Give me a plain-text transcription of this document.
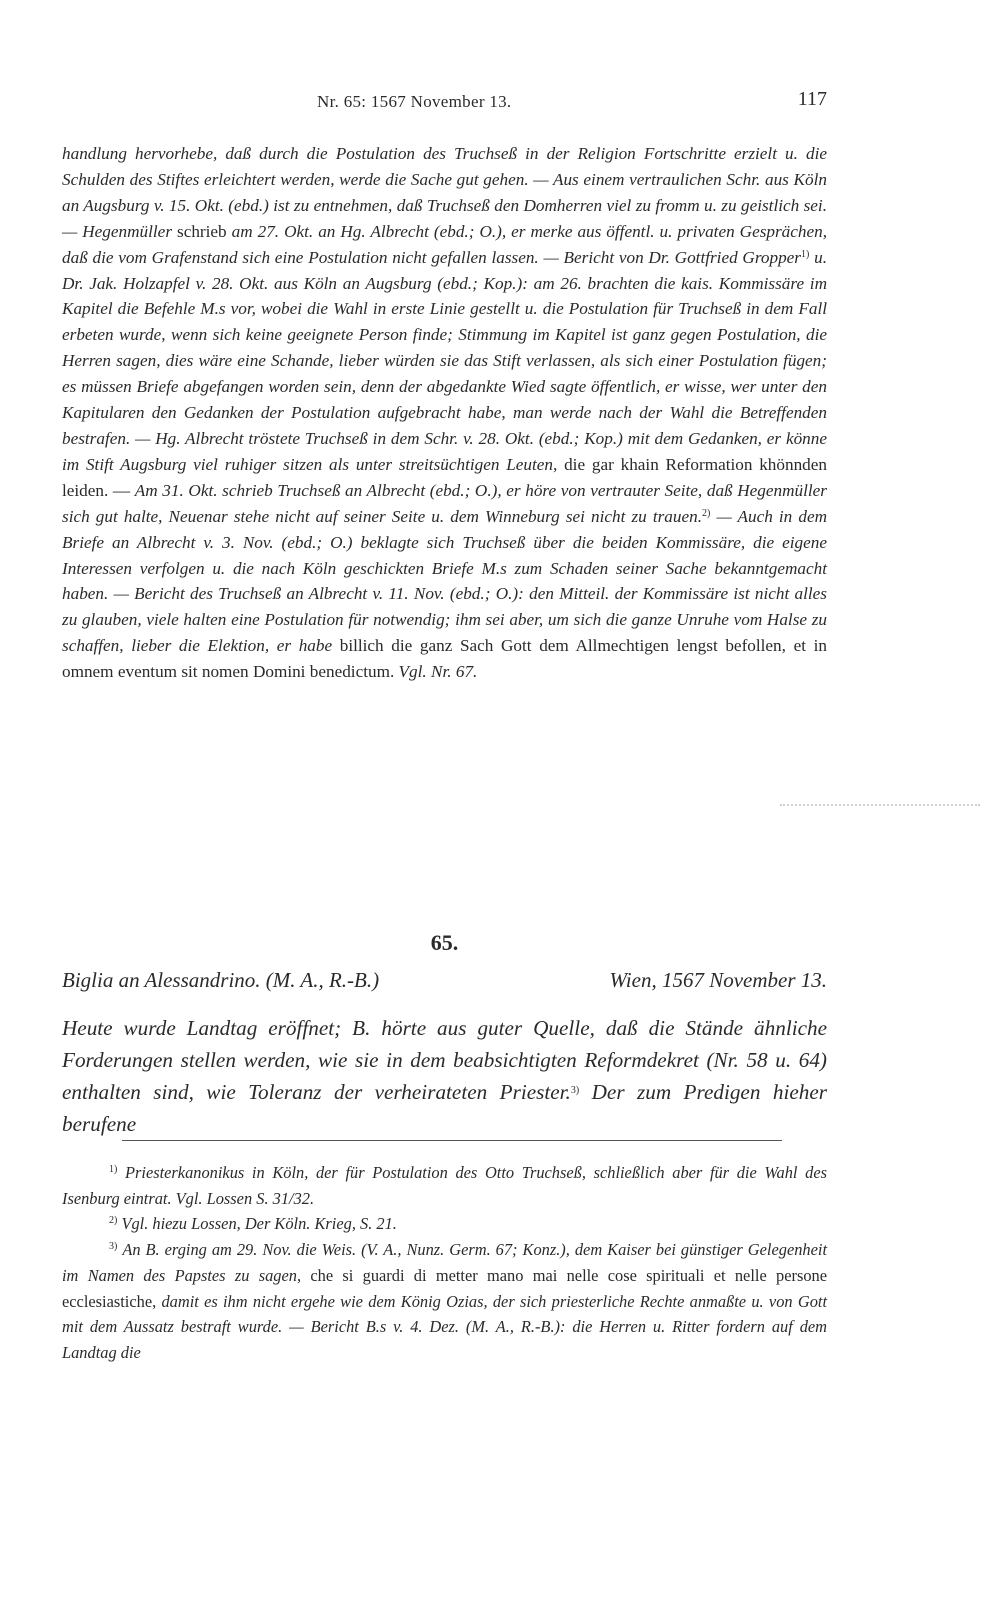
Nr. 65: 1567 November 13.	117

handlung hervorhebe, daß durch die Postulation des Truchseß in der Religion Fortschritte erzielt u. die Schulden des Stiftes erleichtert werden, werde die Sache gut gehen. — Aus einem vertraulichen Schr. aus Köln an Augsburg v. 15. Okt. (ebd.) ist zu entnehmen, daß Truchseß den Domherren viel zu fromm u. zu geistlich sei. — Hegenmüller schrieb am 27. Okt. an Hg. Albrecht (ebd.; O.), er merke aus öffentl. u. privaten Gesprächen, daß die vom Grafenstand sich eine Postulation nicht gefallen lassen. — Bericht von Dr. Gottfried Gropper$^{1)}$ u. Dr. Jak. Holzapfel v. 28. Okt. aus Köln an Augsburg (ebd.; Kop.): am 26. brachten die kais. Kommissäre im Kapitel die Befehle M.s vor, wobei die Wahl in erste Linie gestellt u. die Postulation für Truchseß in dem Fall erbeten wurde, wenn sich keine geeignete Person finde; Stimmung im Kapitel ist ganz gegen Postulation, die Herren sagen, dies wäre eine Schande, lieber würden sie das Stift verlassen, als sich einer Postulation fügen; es müssen Briefe abgefangen worden sein, denn der abgedankte Wied sagte öffentlich, er wisse, wer unter den Kapitularen den Gedanken der Postulation aufgebracht habe, man werde nach der Wahl die Betreffenden bestrafen. — Hg. Albrecht tröstete Truchseß in dem Schr. v. 28. Okt. (ebd.; Kop.) mit dem Gedanken, er könne im Stift Augsburg viel ruhiger sitzen als unter streitsüchtigen Leuten, die gar khain Reformation khönnden leiden. — Am 31. Okt. schrieb Truchseß an Albrecht (ebd.; O.), er höre von vertrauter Seite, daß Hegenmüller sich gut halte, Neuenar stehe nicht auf seiner Seite u. dem Winneburg sei nicht zu trauen.$^{2)}$ — Auch in dem Briefe an Albrecht v. 3. Nov. (ebd.; O.) beklagte sich Truchseß über die beiden Kommissäre, die eigene Interessen verfolgen u. die nach Köln geschickten Briefe M.s zum Schaden seiner Sache bekanntgemacht haben. — Bericht des Truchseß an Albrecht v. 11. Nov. (ebd.; O.): den Mitteil. der Kommissäre ist nicht alles zu glauben, viele halten eine Postulation für notwendig; ihm sei aber, um sich die ganze Unruhe vom Halse zu schaffen, lieber die Elektion, er habe billich die ganz Sach Gott dem Allmechtigen lengst befollen, et in omnem eventum sit nomen Domini benedictum. Vgl. Nr. 67.

65.
Biglia an Alessandrino. (M. A., R.-B.)	Wien, 1567 November 13.

Heute wurde Landtag eröffnet; B. hörte aus guter Quelle, daß die Stände ähnliche Forderungen stellen werden, wie sie in dem beabsichtigten Reformdekret (Nr. 58 u. 64) enthalten sind, wie Toleranz der verheirateten Priester.$^{3)}$ Der zum Predigen hieher berufene

$^{1)}$ Priesterkanonikus in Köln, der für Postulation des Otto Truchseß, schließlich aber für die Wahl des Isenburg eintrat. Vgl. Lossen S. 31/32.

$^{2)}$ Vgl. hiezu Lossen, Der Köln. Krieg, S. 21.

$^{3)}$ An B. erging am 29. Nov. die Weis. (V. A., Nunz. Germ. 67; Konz.), dem Kaiser bei günstiger Gelegenheit im Namen des Papstes zu sagen, che si guardi di metter mano mai nelle cose spirituali et nelle persone ecclesiastiche, damit es ihm nicht ergehe wie dem König Ozias, der sich priesterliche Rechte anmaßte u. von Gott mit dem Aussatz bestraft wurde. — Bericht B.s v. 4. Dez. (M. A., R.-B.): die Herren u. Ritter fordern auf dem Landtag die
